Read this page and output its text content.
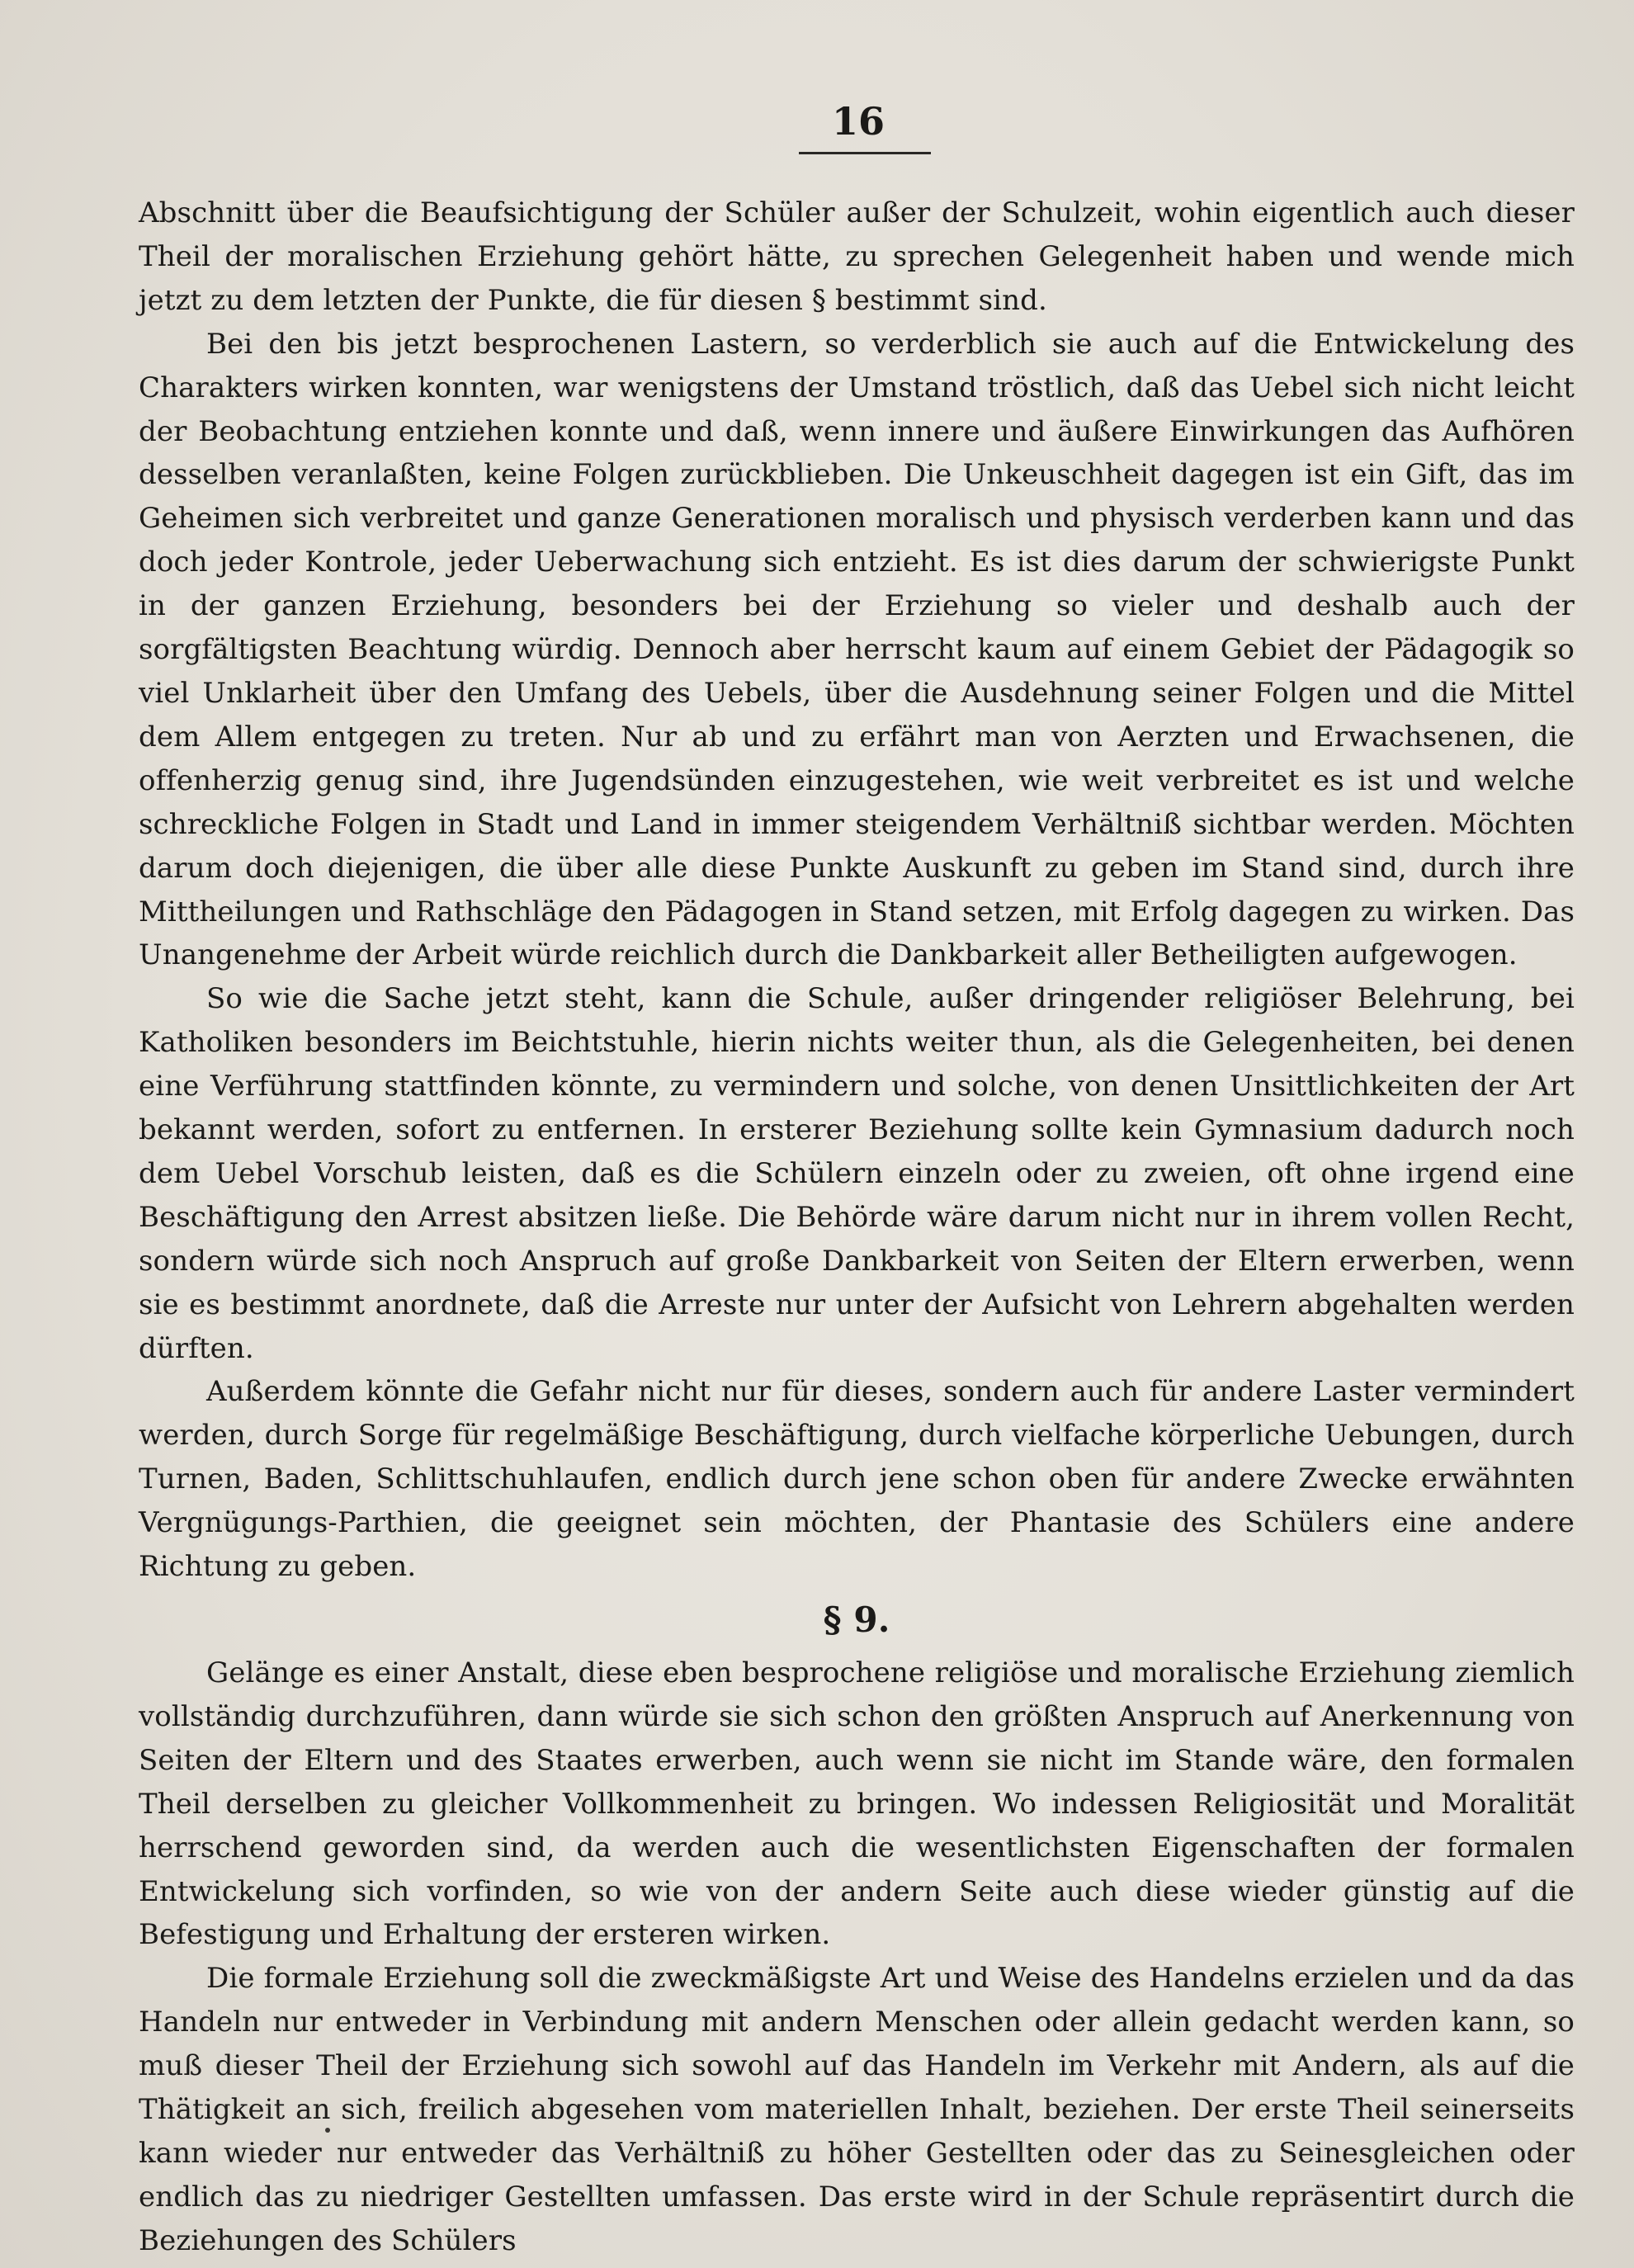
16

Abschnitt über die Beaufsichtigung der Schüler außer der Schulzeit, wohin eigentlich auch dieser Theil der moralischen Erziehung gehört hätte, zu sprechen Gelegenheit haben und wende mich jetzt zu dem letzten der Punkte, die für diesen § bestimmt sind.

Bei den bis jetzt besprochenen Lastern, so verderblich sie auch auf die Entwickelung des Charakters wirken konnten, war wenigstens der Umstand tröstlich, daß das Uebel sich nicht leicht der Beobachtung entziehen konnte und daß, wenn innere und äußere Einwirkungen das Aufhören desselben veranlaßten, keine Folgen zurückblieben. Die Unkeuschheit dagegen ist ein Gift, das im Geheimen sich verbreitet und ganze Generationen moralisch und physisch verderben kann und das doch jeder Kontrole, jeder Ueberwachung sich entzieht. Es ist dies darum der schwierigste Punkt in der ganzen Erziehung, besonders bei der Erziehung so vieler und deshalb auch der sorgfältigsten Beachtung würdig. Dennoch aber herrscht kaum auf einem Gebiet der Pädagogik so viel Unklarheit über den Umfang des Uebels, über die Ausdehnung seiner Folgen und die Mittel dem Allem entgegen zu treten. Nur ab und zu erfährt man von Aerzten und Erwachsenen, die offenherzig genug sind, ihre Jugendsünden einzugestehen, wie weit verbreitet es ist und welche schreckliche Folgen in Stadt und Land in immer steigendem Verhältniß sichtbar werden. Möchten darum doch diejenigen, die über alle diese Punkte Auskunft zu geben im Stand sind, durch ihre Mittheilungen und Rathschläge den Pädagogen in Stand setzen, mit Erfolg dagegen zu wirken. Das Unangenehme der Arbeit würde reichlich durch die Dankbarkeit aller Betheiligten aufgewogen.

So wie die Sache jetzt steht, kann die Schule, außer dringender religiöser Belehrung, bei Katholiken besonders im Beichtstuhle, hierin nichts weiter thun, als die Gelegenheiten, bei denen eine Verführung stattfinden könnte, zu vermindern und solche, von denen Unsittlichkeiten der Art bekannt werden, sofort zu entfernen. In ersterer Beziehung sollte kein Gymnasium dadurch noch dem Uebel Vorschub leisten, daß es die Schülern einzeln oder zu zweien, oft ohne irgend eine Beschäftigung den Arrest absitzen ließe. Die Behörde wäre darum nicht nur in ihrem vollen Recht, sondern würde sich noch Anspruch auf große Dankbarkeit von Seiten der Eltern erwerben, wenn sie es bestimmt anordnete, daß die Arreste nur unter der Aufsicht von Lehrern abgehalten werden dürften.

Außerdem könnte die Gefahr nicht nur für dieses, sondern auch für andere Laster vermindert werden, durch Sorge für regelmäßige Beschäftigung, durch vielfache körperliche Uebungen, durch Turnen, Baden, Schlittschuhlaufen, endlich durch jene schon oben für andere Zwecke erwähnten Vergnügungs-Parthien, die geeignet sein möchten, der Phantasie des Schülers eine andere Richtung zu geben.

§ 9.

Gelänge es einer Anstalt, diese eben besprochene religiöse und moralische Erziehung ziemlich vollständig durchzuführen, dann würde sie sich schon den größten Anspruch auf Anerkennung von Seiten der Eltern und des Staates erwerben, auch wenn sie nicht im Stande wäre, den formalen Theil derselben zu gleicher Vollkommenheit zu bringen. Wo indessen Religiosität und Moralität herrschend geworden sind, da werden auch die wesentlichsten Eigenschaften der formalen Entwickelung sich vorfinden, so wie von der andern Seite auch diese wieder günstig auf die Befestigung und Erhaltung der ersteren wirken.

Die formale Erziehung soll die zweckmäßigste Art und Weise des Handelns erzielen und da das Handeln nur entweder in Verbindung mit andern Menschen oder allein gedacht werden kann, so muß dieser Theil der Erziehung sich sowohl auf das Handeln im Verkehr mit Andern, als auf die Thätigkeit an sich, freilich abgesehen vom materiellen Inhalt, beziehen. Der erste Theil seinerseits kann wieder nur entweder das Verhältniß zu höher Gestellten oder das zu Seinesgleichen oder endlich das zu niedriger Gestellten umfassen. Das erste wird in der Schule repräsentirt durch die Beziehungen des Schülers
